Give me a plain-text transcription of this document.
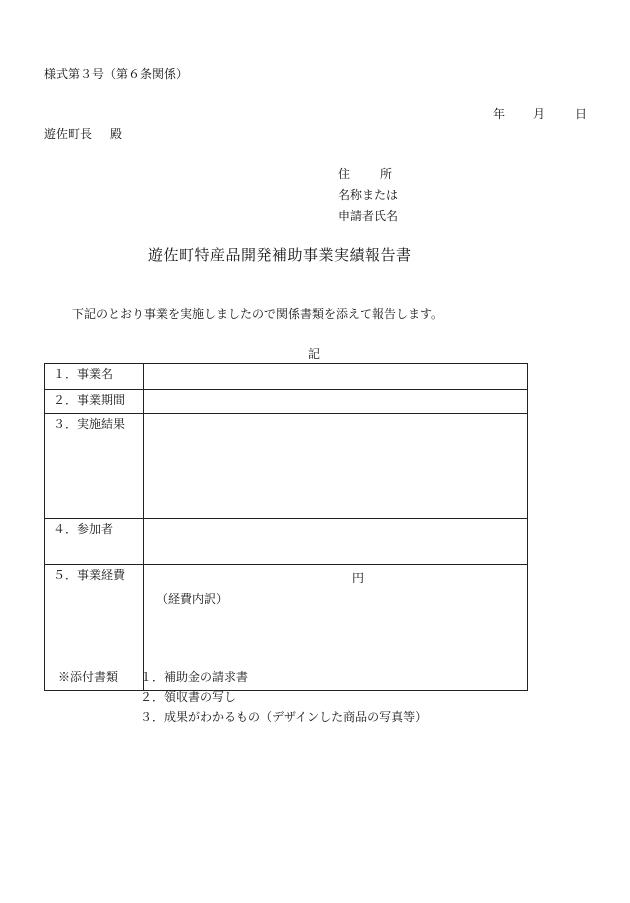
様式第３号（第６条関係）
年 月 日
遊佐町長 殿
住所
名称または
申請者氏名
遊佐町特産品開発補助事業実績報告書
下記のとおり事業を実施しましたので関係書類を添えて報告します。
記
１．事業名	
２．事業期間	
３．実施結果	
４．参加者	
５．事業経費	円
（経費内訳）
※添付書類 １．補助金の請求書
２．領収書の写し
３．成果がわかるもの（デザインした商品の写真等）
